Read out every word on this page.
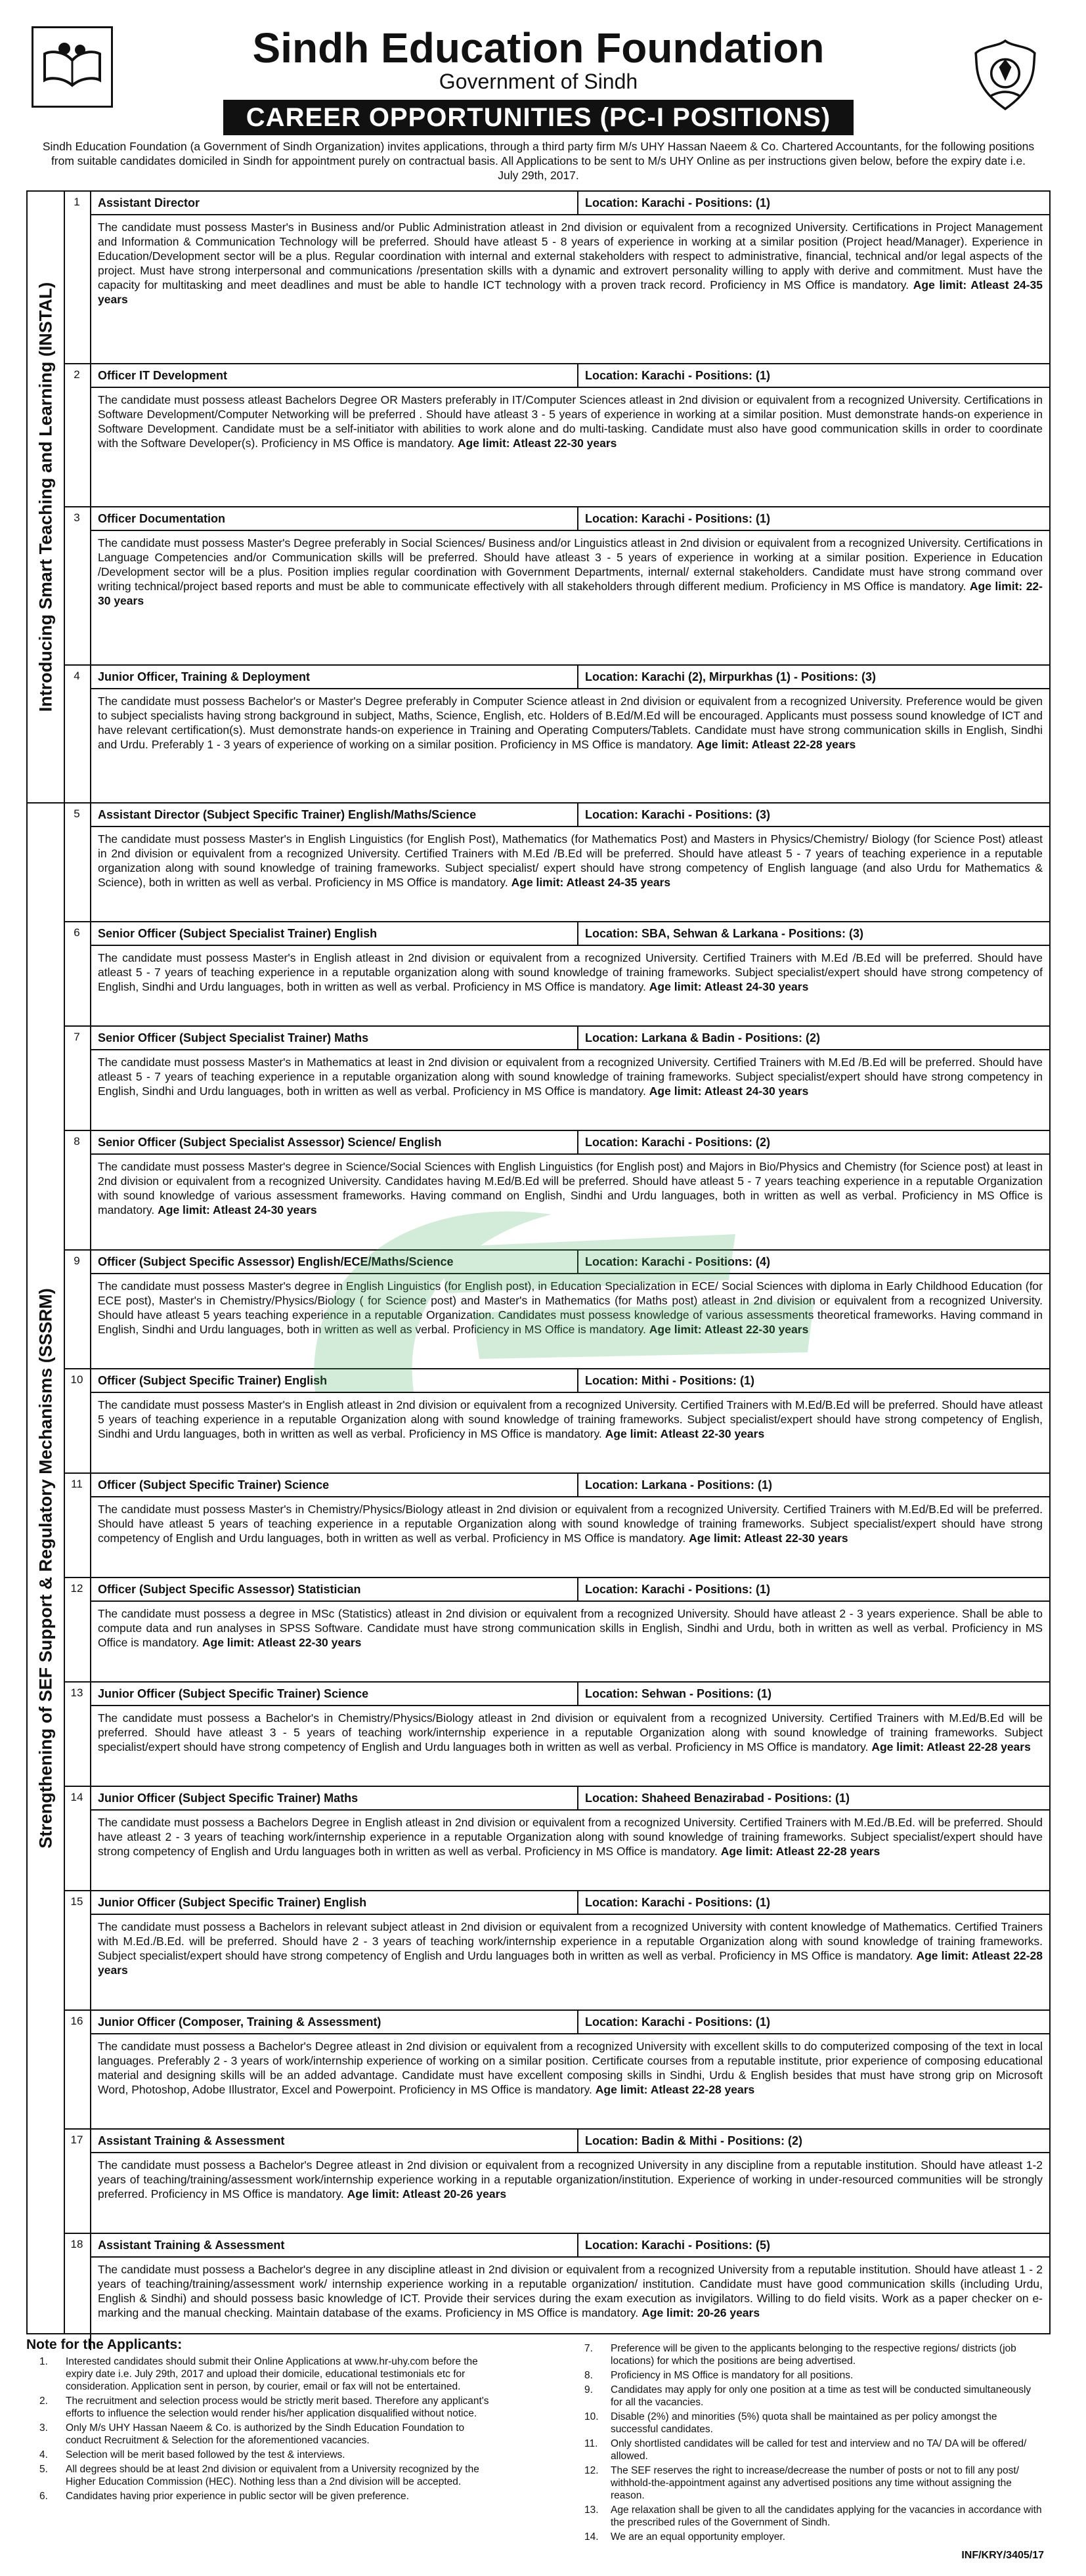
Sindh Education Foundation
Government of Sindh
CAREER OPPORTUNITIES (PC-I POSITIONS)
Sindh Education Foundation (a Government of Sindh Organization) invites applications, through a third party firm M/s UHY Hassan Naeem & Co. Chartered Accountants, for the following positions from suitable candidates domiciled in Sindh for appointment purely on contractual basis. All Applications to be sent to M/s UHY Online as per instructions given below, before the expiry date i.e. July 29th, 2017.
Introducing Smart Teaching and Learning (INSTAL)
1	Assistant Director	Location: Karachi - Positions: (1)
The candidate must possess Master's in Business and/or Public Administration atleast in 2nd division or equivalent from a recognized University. Certifications in Project Management and Information & Communication Technology will be preferred. Should have atleast 5 - 8 years of experience in working at a similar position (Project head/Manager). Experience in Education/Development sector will be a plus. Regular coordination with internal and external stakeholders with respect to administrative, financial, technical and/or legal aspects of the project. Must have strong interpersonal and communications /presentation skills with a dynamic and extrovert personality willing to apply with derive and commitment. Must have the capacity for multitasking and meet deadlines and must be able to handle ICT technology with a proven track record. Proficiency in MS Office is mandatory. Age limit: Atleast 24-35 years
2	Officer IT Development	Location: Karachi - Positions: (1)
The candidate must possess atleast Bachelors Degree OR Masters preferably in IT/Computer Sciences atleast in 2nd division or equivalent from a recognized University. Certifications in Software Development/Computer Networking will be preferred . Should have atleast 3 - 5 years of experience in working at a similar position. Must demonstrate hands-on experience in Software Development. Candidate must be a self-initiator with abilities to work alone and do multi-tasking. Candidate must also have good communication skills in order to coordinate with the Software Developer(s). Proficiency in MS Office is mandatory. Age limit: Atleast 22-30 years
3	Officer Documentation	Location: Karachi - Positions: (1)
The candidate must possess Master's Degree preferably in Social Sciences/ Business and/or Linguistics atleast in 2nd division or equivalent from a recognized University. Certifications in Language Competencies and/or Communication skills will be preferred. Should have atleast 3 - 5 years of experience in working at a similar position. Experience in Education /Development sector will be a plus. Position implies regular coordination with Government Departments, internal/ external stakeholders. Candidate must have strong command over writing technical/project based reports and must be able to communicate effectively with all stakeholders through different medium. Proficiency in MS Office is mandatory. Age limit: 22-30 years
4	Junior Officer, Training & Deployment	Location: Karachi (2), Mirpurkhas (1) - Positions: (3)
The candidate must possess Bachelor's or Master's Degree preferably in Computer Science atleast in 2nd division or equivalent from a recognized University. Preference would be given to subject specialists having strong background in subject, Maths, Science, English, etc. Holders of B.Ed/M.Ed will be encouraged. Applicants must possess sound knowledge of ICT and have relevant certification(s). Must demonstrate hands-on experience in Training and Operating Computers/Tablets. Candidate must have strong communication skills in English, Sindhi and Urdu. Preferably 1 - 3 years of experience of working on a similar position. Proficiency in MS Office is mandatory. Age limit: Atleast 22-28 years
Strengthening of SEF Support & Regulatory Mechanisms (SSSRM)
5	Assistant Director (Subject Specific Trainer) English/Maths/Science	Location: Karachi - Positions: (3)
The candidate must possess Master's in English Linguistics (for English Post), Mathematics (for Mathematics Post) and Masters in Physics/Chemistry/ Biology (for Science Post) atleast in 2nd division or equivalent from a recognized University. Certified Trainers with M.Ed /B.Ed will be preferred. Should have atleast 5 - 7 years of teaching experience in a reputable organization along with sound knowledge of training frameworks. Subject specialist/ expert should have strong competency of English language (and also Urdu for Mathematics & Science), both in written as well as verbal. Proficiency in MS Office is mandatory. Age limit: Atleast 24-35 years
6	Senior Officer (Subject Specialist Trainer) English	Location: SBA, Sehwan & Larkana - Positions: (3)
The candidate must possess Master's in English atleast in 2nd division or equivalent from a recognized University. Certified Trainers with M.Ed /B.Ed will be preferred. Should have atleast 5 - 7 years of teaching experience in a reputable organization along with sound knowledge of training frameworks. Subject specialist/expert should have strong competency of English, Sindhi and Urdu languages, both in written as well as verbal. Proficiency in MS Office is mandatory. Age limit: Atleast 24-30 years
7	Senior Officer (Subject Specialist Trainer) Maths	Location: Larkana & Badin - Positions: (2)
The candidate must possess Master's in Mathematics at least in 2nd division or equivalent from a recognized University. Certified Trainers with M.Ed /B.Ed will be preferred. Should have atleast 5 - 7 years of teaching experience in a reputable organization along with sound knowledge of training frameworks. Subject specialist/expert should have strong competency in English, Sindhi and Urdu languages, both in written as well as verbal. Proficiency in MS Office is mandatory. Age limit: Atleast 24-30 years
8	Senior Officer (Subject Specialist Assessor) Science/ English	Location: Karachi - Positions: (2)
The candidate must possess Master's degree in Science/Social Sciences with English Linguistics (for English post) and Majors in Bio/Physics and Chemistry (for Science post) at least in 2nd division or equivalent from a recognized University. Candidates having M.Ed/B.Ed will be preferred. Should have atleast 5 - 7 years teaching experience in a reputable Organization with sound knowledge of various assessment frameworks. Having command on English, Sindhi and Urdu languages, both in written as well as verbal. Proficiency in MS Office is mandatory. Age limit: Atleast 24-30 years
9	Officer (Subject Specific Assessor) English/ECE/Maths/Science	Location: Karachi - Positions: (4)
The candidate must possess Master's degree in English Linguistics (for English post), in Education Specialization in ECE/ Social Sciences with diploma in Early Childhood Education (for ECE post), Master's in Chemistry/Physics/Biology ( for Science post) and Master's in Mathematics (for Maths post) atleast in 2nd division or equivalent from a recognized University. Should have atleast 5 years teaching experience in a reputable Organization. Candidates must possess knowledge of various assessments theoretical frameworks. Having command in English, Sindhi and Urdu languages, both in written as well as verbal. Proficiency in MS Office is mandatory. Age limit: Atleast 22-30 years
10	Officer (Subject Specific Trainer) English	Location: Mithi - Positions: (1)
The candidate must possess Master's in English atleast in 2nd division or equivalent from a recognized University. Certified Trainers with M.Ed/B.Ed will be preferred. Should have atleast 5 years of teaching experience in a reputable Organization along with sound knowledge of training frameworks. Subject specialist/expert should have strong competency of English, Sindhi and Urdu languages, both in written as well as verbal. Proficiency in MS Office is mandatory. Age limit: Atleast 22-30 years
11	Officer (Subject Specific Trainer) Science	Location: Larkana - Positions: (1)
The candidate must possess Master's in Chemistry/Physics/Biology atleast in 2nd division or equivalent from a recognized University. Certified Trainers with M.Ed/B.Ed will be preferred. Should have atleast 5 years of teaching experience in a reputable Organization along with sound knowledge of training frameworks. Subject specialist/expert should have strong competency of English and Urdu languages, both in written as well as verbal. Proficiency in MS Office is mandatory. Age limit: Atleast 22-30 years
12	Officer (Subject Specific Assessor) Statistician	Location: Karachi - Positions: (1)
The candidate must possess a degree in MSc (Statistics) atleast in 2nd division or equivalent from a recognized University. Should have atleast 2 - 3 years experience. Shall be able to compute data and run analyses in SPSS Software. Candidate must have strong communication skills in English, Sindhi and Urdu, both in written as well as verbal. Proficiency in MS Office is mandatory. Age limit: Atleast 22-30 years
13	Junior Officer (Subject Specific Trainer) Science	Location: Sehwan - Positions: (1)
The candidate must possess a Bachelor's in Chemistry/Physics/Biology atleast in 2nd division or equivalent from a recognized University. Certified Trainers with M.Ed/B.Ed will be preferred. Should have atleast 3 - 5 years of teaching work/internship experience in a reputable Organization along with sound knowledge of training frameworks. Subject specialist/expert should have strong competency of English and Urdu languages both in written as well as verbal. Proficiency in MS Office is mandatory. Age limit: Atleast 22-28 years
14	Junior Officer (Subject Specific Trainer) Maths	Location: Shaheed Benazirabad - Positions: (1)
The candidate must possess a Bachelors Degree in English atleast in 2nd division or equivalent from a recognized University. Certified Trainers with M.Ed./B.Ed. will be preferred. Should have atleast 2 - 3 years of teaching work/internship experience in a reputable Organization along with sound knowledge of training frameworks. Subject specialist/expert should have strong competency of English and Urdu languages both in written as well as verbal. Proficiency in MS Office is mandatory. Age limit: Atleast 22-28 years
15	Junior Officer (Subject Specific Trainer) English	Location: Karachi - Positions: (1)
The candidate must possess a Bachelors in relevant subject atleast in 2nd division or equivalent from a recognized University with content knowledge of Mathematics. Certified Trainers with M.Ed./B.Ed. will be preferred. Should have 2 - 3 years of teaching work/internship experience in a reputable Organization along with sound knowledge of training frameworks. Subject specialist/expert should have strong competency of English and Urdu languages both in written as well as verbal. Proficiency in MS Office is mandatory. Age limit: Atleast 22-28 years
16	Junior Officer (Composer, Training & Assessment)	Location: Karachi - Positions: (1)
The candidate must possess a Bachelor's Degree atleast in 2nd division or equivalent from a recognized University with excellent skills to do computerized composing of the text in local languages. Preferably 2 - 3 years of work/internship experience of working on a similar position. Certificate courses from a reputable institute, prior experience of composing educational material and designing skills will be an added advantage. Candidate must have excellent composing skills in Sindhi, Urdu & English besides that must have strong grip on Microsoft Word, Photoshop, Adobe Illustrator, Excel and Powerpoint. Proficiency in MS Office is mandatory. Age limit: Atleast 22-28 years
17	Assistant Training & Assessment	Location: Badin & Mithi - Positions: (2)
The candidate must possess a Bachelor's Degree atleast in 2nd division or equivalent from a recognized University in any discipline from a reputable institution. Should have atleast 1-2 years of teaching/training/assessment work/internship experience working in a reputable organization/institution. Experience of working in under-resourced communities will be strongly preferred. Proficiency in MS Office is mandatory. Age limit: Atleast 20-26 years
18	Assistant Training & Assessment	Location: Karachi - Positions: (5)
The candidate must possess a Bachelor's degree in any discipline atleast in 2nd division or equivalent from a recognized University from a reputable institution. Should have atleast 1 - 2 years of teaching/training/assessment work/ internship experience working in a reputable organization/ institution. Candidate must have good communication skills (including Urdu, English & Sindhi) and should possess basic knowledge of ICT. Provide their services during the exam execution as invigilators. Willing to do field visits. Work as a paper checker on e-marking and the manual checking. Maintain database of the exams. Proficiency in MS Office is mandatory. Age limit: 20-26 years
Note for the Applicants:
1.	Interested candidates should submit their Online Applications at www.hr-uhy.com before the expiry date i.e. July 29th, 2017 and upload their domicile, educational testimonials etc for consideration. Application sent in person, by courier, email or fax will not be entertained.
2.	The recruitment and selection process would be strictly merit based. Therefore any applicant's efforts to influence the selection would render his/her application disqualified without notice.
3.	Only M/s UHY Hassan Naeem & Co. is authorized by the Sindh Education Foundation to conduct Recruitment & Selection for the aforementioned vacancies.
4.	Selection will be merit based followed by the test & interviews.
5.	All degrees should be at least 2nd division or equivalent from a University recognized by the Higher Education Commission (HEC). Nothing less than a 2nd division will be accepted.
6.	Candidates having prior experience in public sector will be given preference.
7.	Preference will be given to the applicants belonging to the respective regions/ districts (job locations) for which the positions are being advertised.
8.	Proficiency in MS Office is mandatory for all positions.
9.	Candidates may apply for only one position at a time as test will be conducted simultaneously for all the vacancies.
10.	Disable (2%) and minorities (5%) quota shall be maintained as per policy amongst the successful candidates.
11.	Only shortlisted candidates will be called for test and interview and no TA/ DA will be offered/ allowed.
12.	The SEF reserves the right to increase/decrease the number of posts or not to fill any post/ withhold-the-appointment against any advertised positions any time without assigning the reason.
13.	Age relaxation shall be given to all the candidates applying for the vacancies in accordance with the prescribed rules of the Government of Sindh.
14.	We are an equal opportunity employer.
INF/KRY/3405/17
